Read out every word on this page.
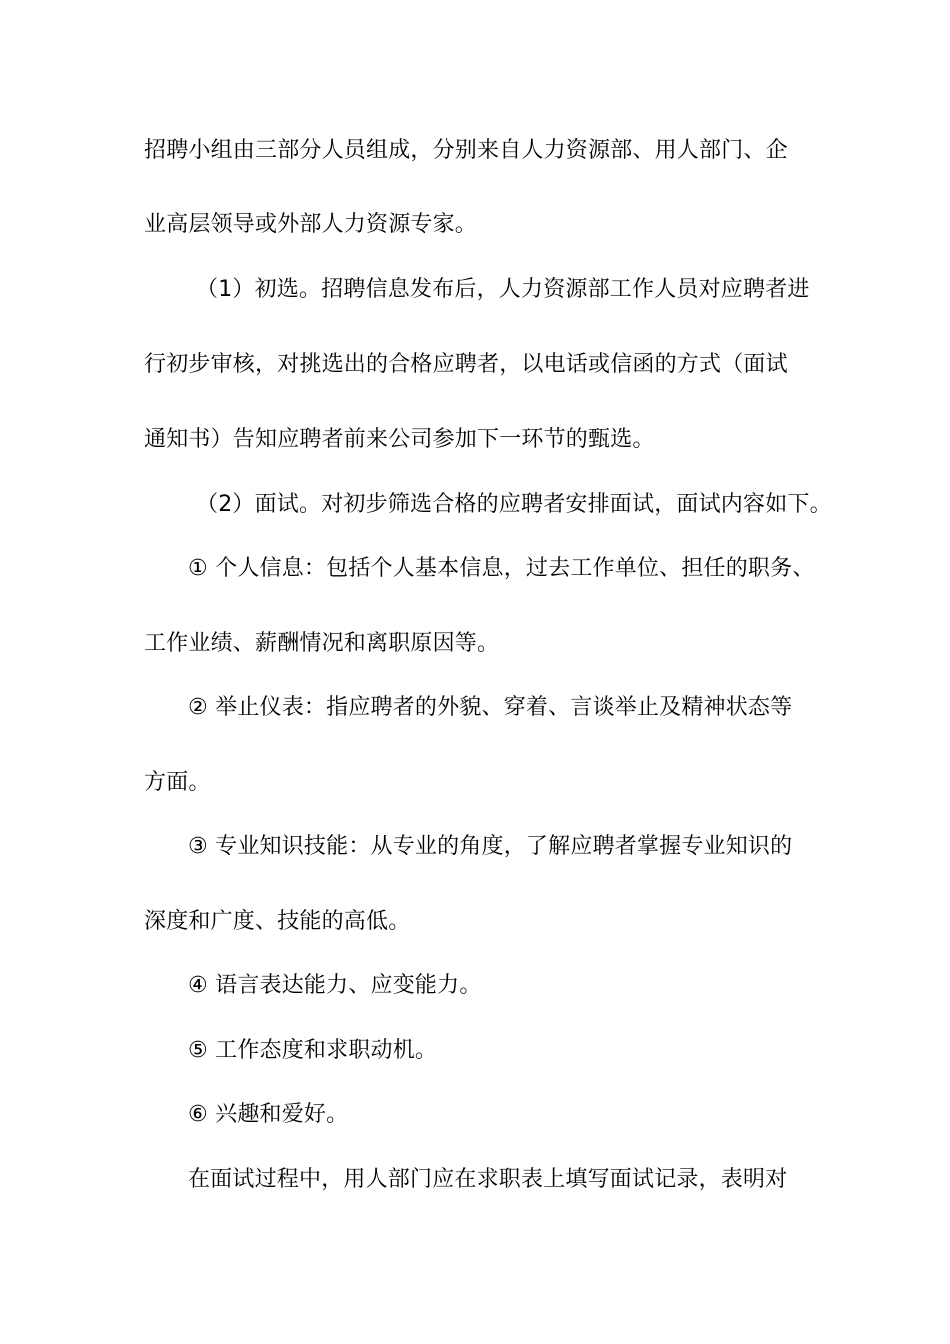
招聘小组由三部分人员组成，分别来自人力资源部、用人部门、企
业高层领导或外部人力资源专家。
（1）初选。招聘信息发布后，人力资源部工作人员对应聘者进
行初步审核，对挑选出的合格应聘者，以电话或信函的方式（面试
通知书）告知应聘者前来公司参加下一环节的甄选。
（2）面试。对初步筛选合格的应聘者安排面试，面试内容如下。
① 个人信息：包括个人基本信息，过去工作单位、担任的职务、
工作业绩、薪酬情况和离职原因等。
② 举止仪表：指应聘者的外貌、穿着、言谈举止及精神状态等
方面。
③ 专业知识技能：从专业的角度，了解应聘者掌握专业知识的
深度和广度、技能的高低。
④ 语言表达能力、应变能力。
⑤ 工作态度和求职动机。
⑥ 兴趣和爱好。
在面试过程中，用人部门应在求职表上填写面试记录，表明对
